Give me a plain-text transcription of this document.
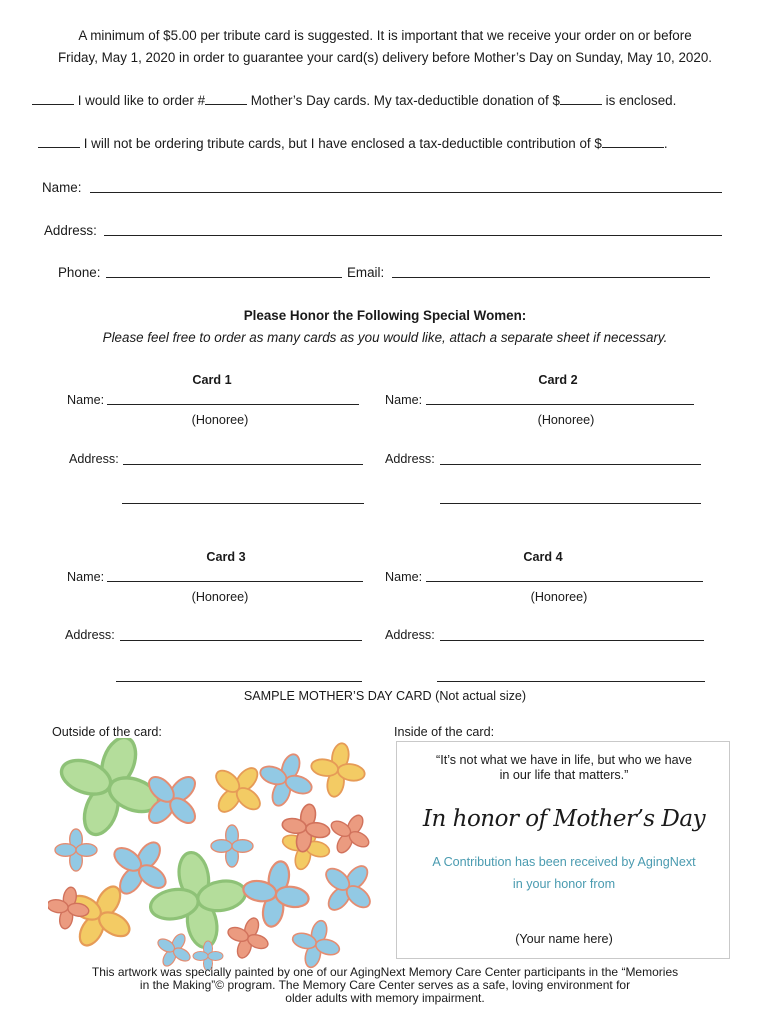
A minimum of $5.00 per tribute card is suggested. It is important that we receive your order on or before
Friday, May 1, 2020 in order to guarantee your card(s) delivery before Mother’s Day on Sunday, May 10, 2020.
I would like to order #	Mother’s Day cards. My tax-deductible donation of $	is enclosed.
I will not be ordering tribute cards, but I have enclosed a tax-deductible contribution of $	.
Name:
Address:
Phone:	Email:
Please Honor the Following Special Women:
Please feel free to order as many cards as you would like, attach a separate sheet if necessary.
Card 1
Name:
(Honoree)
Address:
Card 2
Name:
(Honoree)
Address:
Card 3
Name:
(Honoree)
Address:
Card 4
Name:
(Honoree)
Address:
SAMPLE MOTHER’S DAY CARD (Not actual size)
Outside of the card:	Inside of the card:
“It’s not what we have in life, but who we have
in our life that matters.”
In honor of Mother’s Day
A Contribution has been received by AgingNext
in your honor from
(Your name here)
This artwork was specially painted by one of our AgingNext Memory Care Center participants in the “Memories
in the Making”© program. The Memory Care Center serves as a safe, loving environment for
older adults with memory impairment.
